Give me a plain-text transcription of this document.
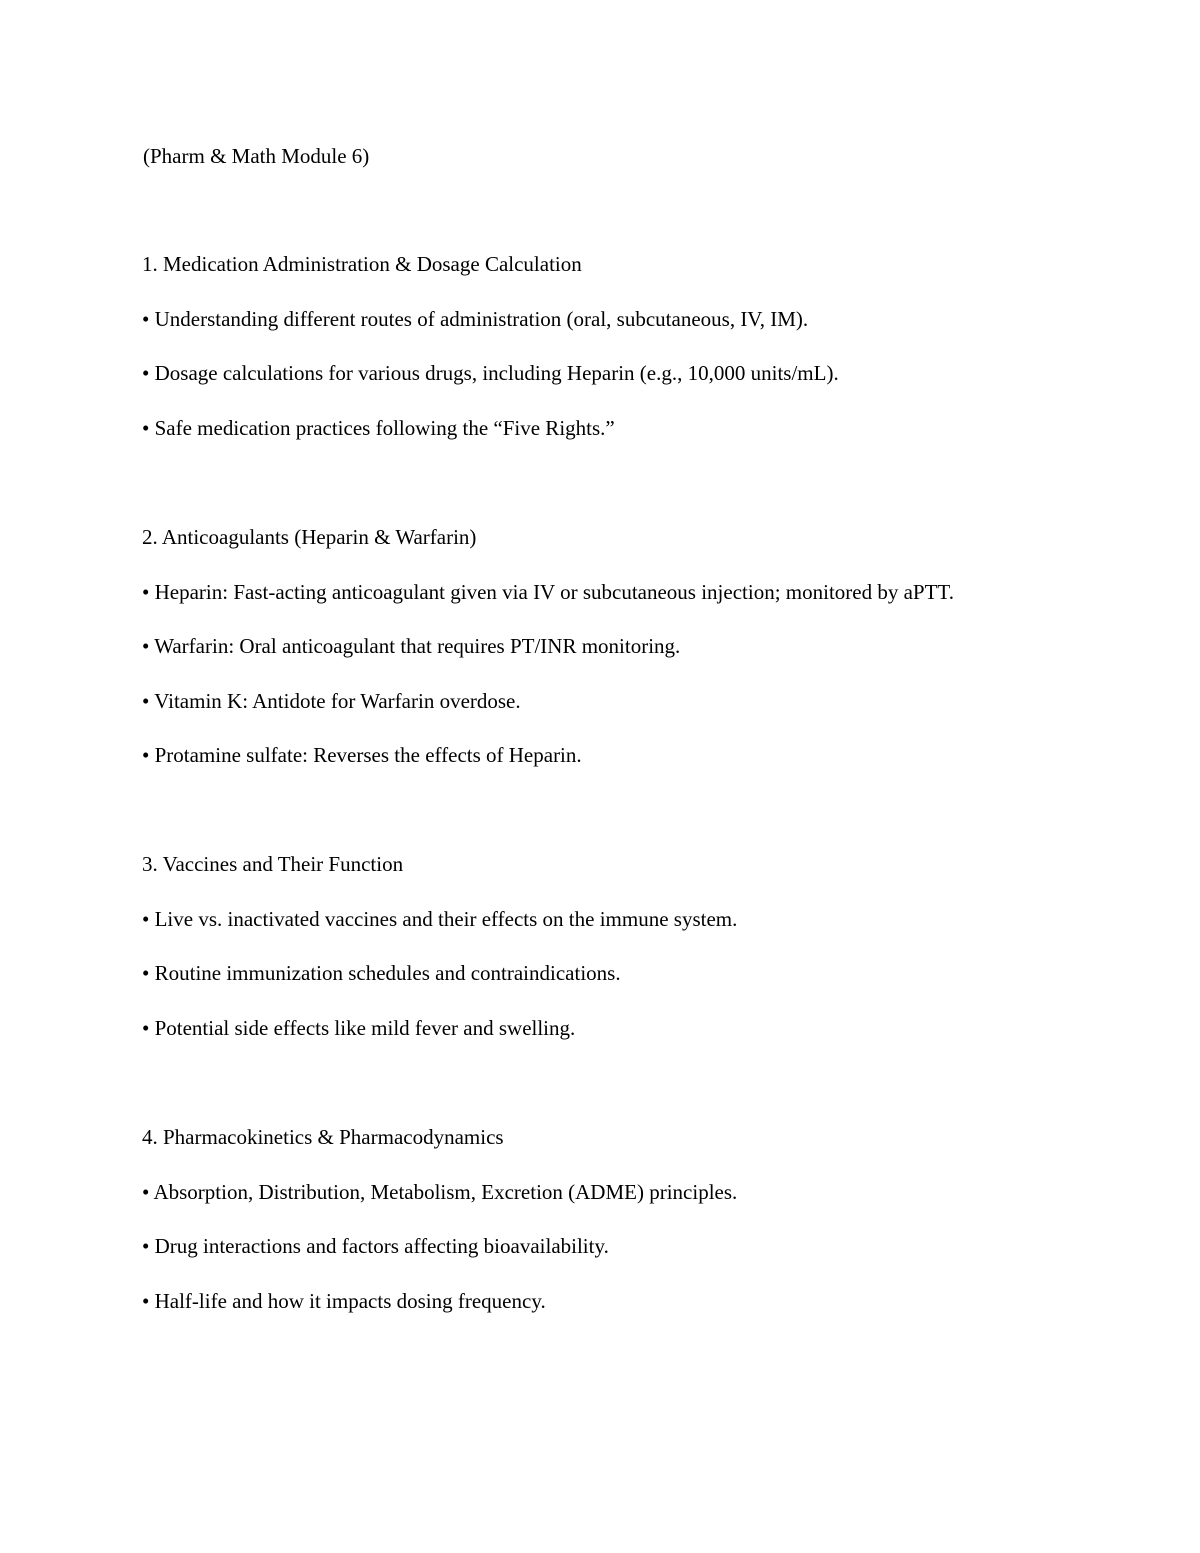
(Pharm & Math Module 6)
1. Medication Administration & Dosage Calculation
• Understanding different routes of administration (oral, subcutaneous, IV, IM).
• Dosage calculations for various drugs, including Heparin (e.g., 10,000 units/mL).
• Safe medication practices following the “Five Rights.”
2. Anticoagulants (Heparin & Warfarin)
• Heparin: Fast-acting anticoagulant given via IV or subcutaneous injection; monitored by aPTT.
• Warfarin: Oral anticoagulant that requires PT/INR monitoring.
• Vitamin K: Antidote for Warfarin overdose.
• Protamine sulfate: Reverses the effects of Heparin.
3. Vaccines and Their Function
• Live vs. inactivated vaccines and their effects on the immune system.
• Routine immunization schedules and contraindications.
• Potential side effects like mild fever and swelling.
4. Pharmacokinetics & Pharmacodynamics
• Absorption, Distribution, Metabolism, Excretion (ADME) principles.
• Drug interactions and factors affecting bioavailability.
• Half-life and how it impacts dosing frequency.
